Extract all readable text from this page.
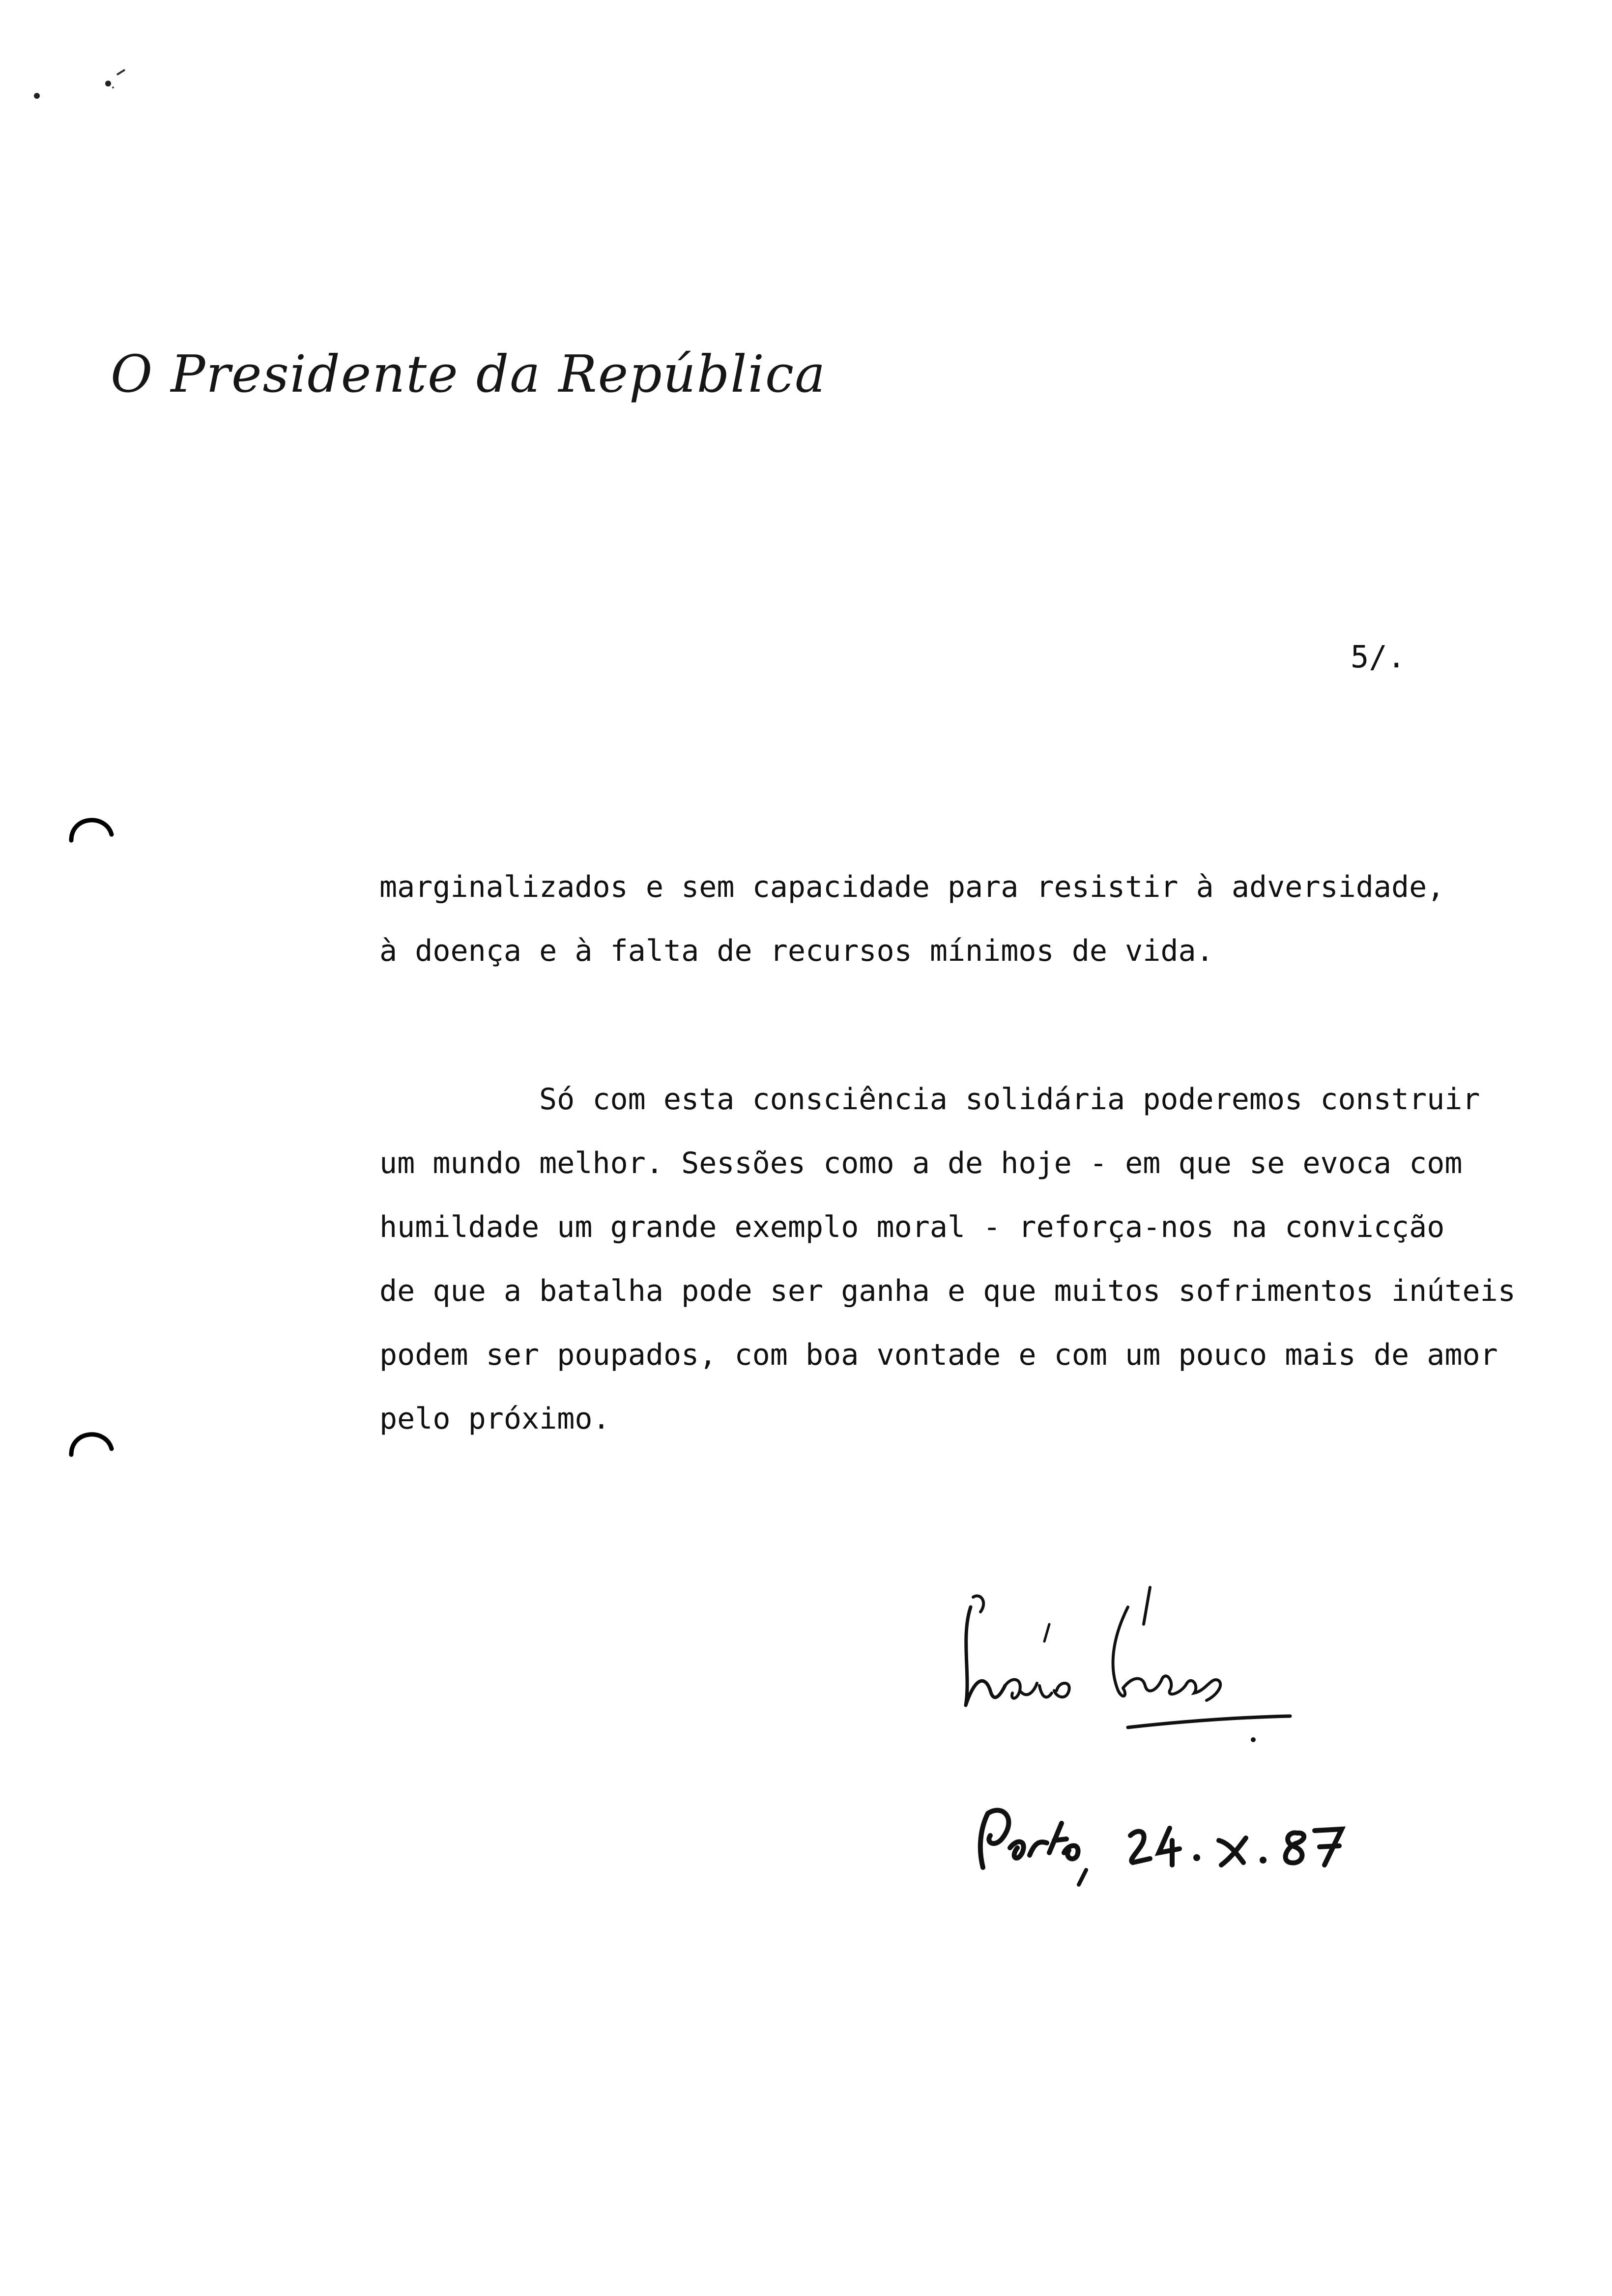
O Presidente da República
5/.
marginalizados e sem capacidade para resistir à adversidade,
à doença e à falta de recursos mínimos de vida.
Só com esta consciência solidária poderemos construir
um mundo melhor. Sessões como a de hoje - em que se evoca com
humildade um grande exemplo moral - reforça-nos na convicção
de que a batalha pode ser ganha e que muitos sofrimentos inúteis
podem ser poupados, com boa vontade e com um pouco mais de amor
pelo próximo.
